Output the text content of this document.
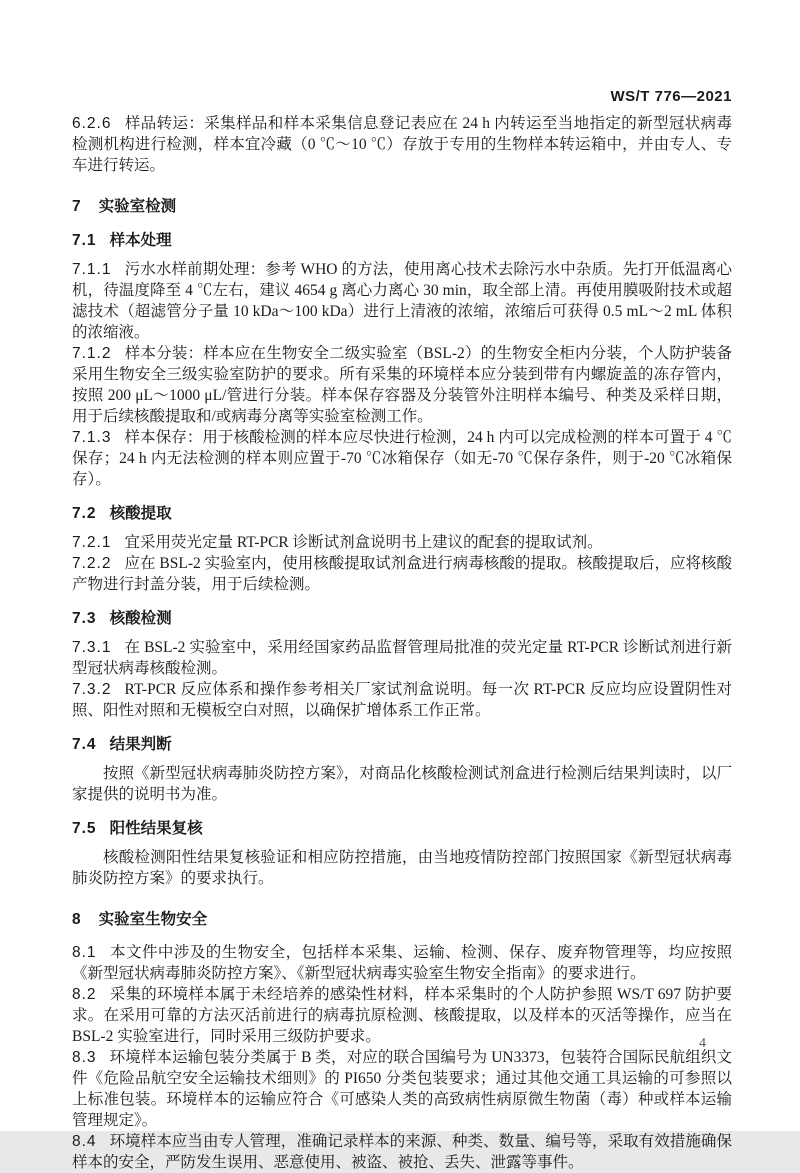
WS/T 776—2021
6.2.6 样品转运：采集样品和样本采集信息登记表应在 24 h 内转运至当地指定的新型冠状病毒检测机构进行检测，样本宜冷藏（0 ℃～10 ℃）存放于专用的生物样本转运箱中，并由专人、专车进行转运。
7 实验室检测
7.1 样本处理
7.1.1 污水水样前期处理：参考 WHO 的方法，使用离心技术去除污水中杂质。先打开低温离心机，待温度降至 4 ℃左右，建议 4654 g 离心力离心 30 min，取全部上清。再使用膜吸附技术或超滤技术（超滤管分子量 10 kDa～100 kDa）进行上清液的浓缩，浓缩后可获得 0.5 mL～2 mL 体积的浓缩液。
7.1.2 样本分装：样本应在生物安全二级实验室（BSL-2）的生物安全柜内分装，个人防护装备采用生物安全三级实验室防护的要求。所有采集的环境样本应分装到带有内螺旋盖的冻存管内，按照 200 μL～1000 μL/管进行分装。样本保存容器及分装管外注明样本编号、种类及采样日期，用于后续核酸提取和/或病毒分离等实验室检测工作。
7.1.3 样本保存：用于核酸检测的样本应尽快进行检测，24 h 内可以完成检测的样本可置于 4 ℃保存；24 h 内无法检测的样本则应置于-70 ℃冰箱保存（如无-70 ℃保存条件，则于-20 ℃冰箱保存）。
7.2 核酸提取
7.2.1 宜采用荧光定量 RT-PCR 诊断试剂盒说明书上建议的配套的提取试剂。
7.2.2 应在 BSL-2 实验室内，使用核酸提取试剂盒进行病毒核酸的提取。核酸提取后，应将核酸产物进行封盖分装，用于后续检测。
7.3 核酸检测
7.3.1 在 BSL-2 实验室中，采用经国家药品监督管理局批准的荧光定量 RT-PCR 诊断试剂进行新型冠状病毒核酸检测。
7.3.2 RT-PCR 反应体系和操作参考相关厂家试剂盒说明。每一次 RT-PCR 反应均应设置阴性对照、阳性对照和无模板空白对照，以确保扩增体系工作正常。
7.4 结果判断
按照《新型冠状病毒肺炎防控方案》，对商品化核酸检测试剂盒进行检测后结果判读时，以厂家提供的说明书为准。
7.5 阳性结果复核
核酸检测阳性结果复核验证和相应防控措施，由当地疫情防控部门按照国家《新型冠状病毒肺炎防控方案》的要求执行。
8 实验室生物安全
8.1 本文件中涉及的生物安全，包括样本采集、运输、检测、保存、废弃物管理等，均应按照《新型冠状病毒肺炎防控方案》、《新型冠状病毒实验室生物安全指南》的要求进行。
8.2 采集的环境样本属于未经培养的感染性材料，样本采集时的个人防护参照 WS/T 697 防护要求。在采用可靠的方法灭活前进行的病毒抗原检测、核酸提取，以及样本的灭活等操作，应当在 BSL-2 实验室进行，同时采用三级防护要求。
8.3 环境样本运输包装分类属于 B 类，对应的联合国编号为 UN3373，包装符合国际民航组织文件《危险品航空安全运输技术细则》的 PI650 分类包装要求；通过其他交通工具运输的可参照以上标准包装。环境样本的运输应符合《可感染人类的高致病性病原微生物菌（毒）种或样本运输管理规定》。
8.4 环境样本应当由专人管理，准确记录样本的来源、种类、数量、编号等，采取有效措施确保样本的安全，严防发生误用、恶意使用、被盗、被抢、丢失、泄露等事件。
4
